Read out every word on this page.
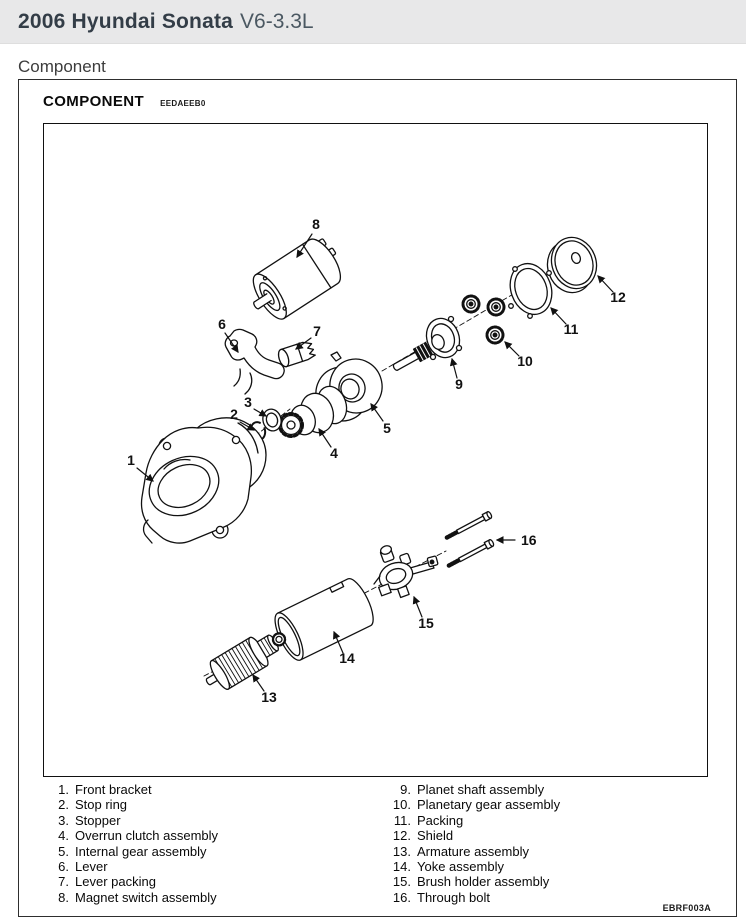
2006 Hyundai Sonata V6-3.3L
Component
COMPONENT EEDAEEB0
1
2
3
4
5
6	7
8
9
10
11
12
13
14
15
16
1. Front bracket
2. Stop ring
3. Stopper
4. Overrun clutch assembly
5. Internal gear assembly
6. Lever
7. Lever packing
8. Magnet switch assembly
9. Planet shaft assembly
10. Planetary gear assembly
11. Packing
12. Shield
13. Armature assembly
14. Yoke assembly
15. Brush holder assembly
16. Through bolt
EBRF003A
